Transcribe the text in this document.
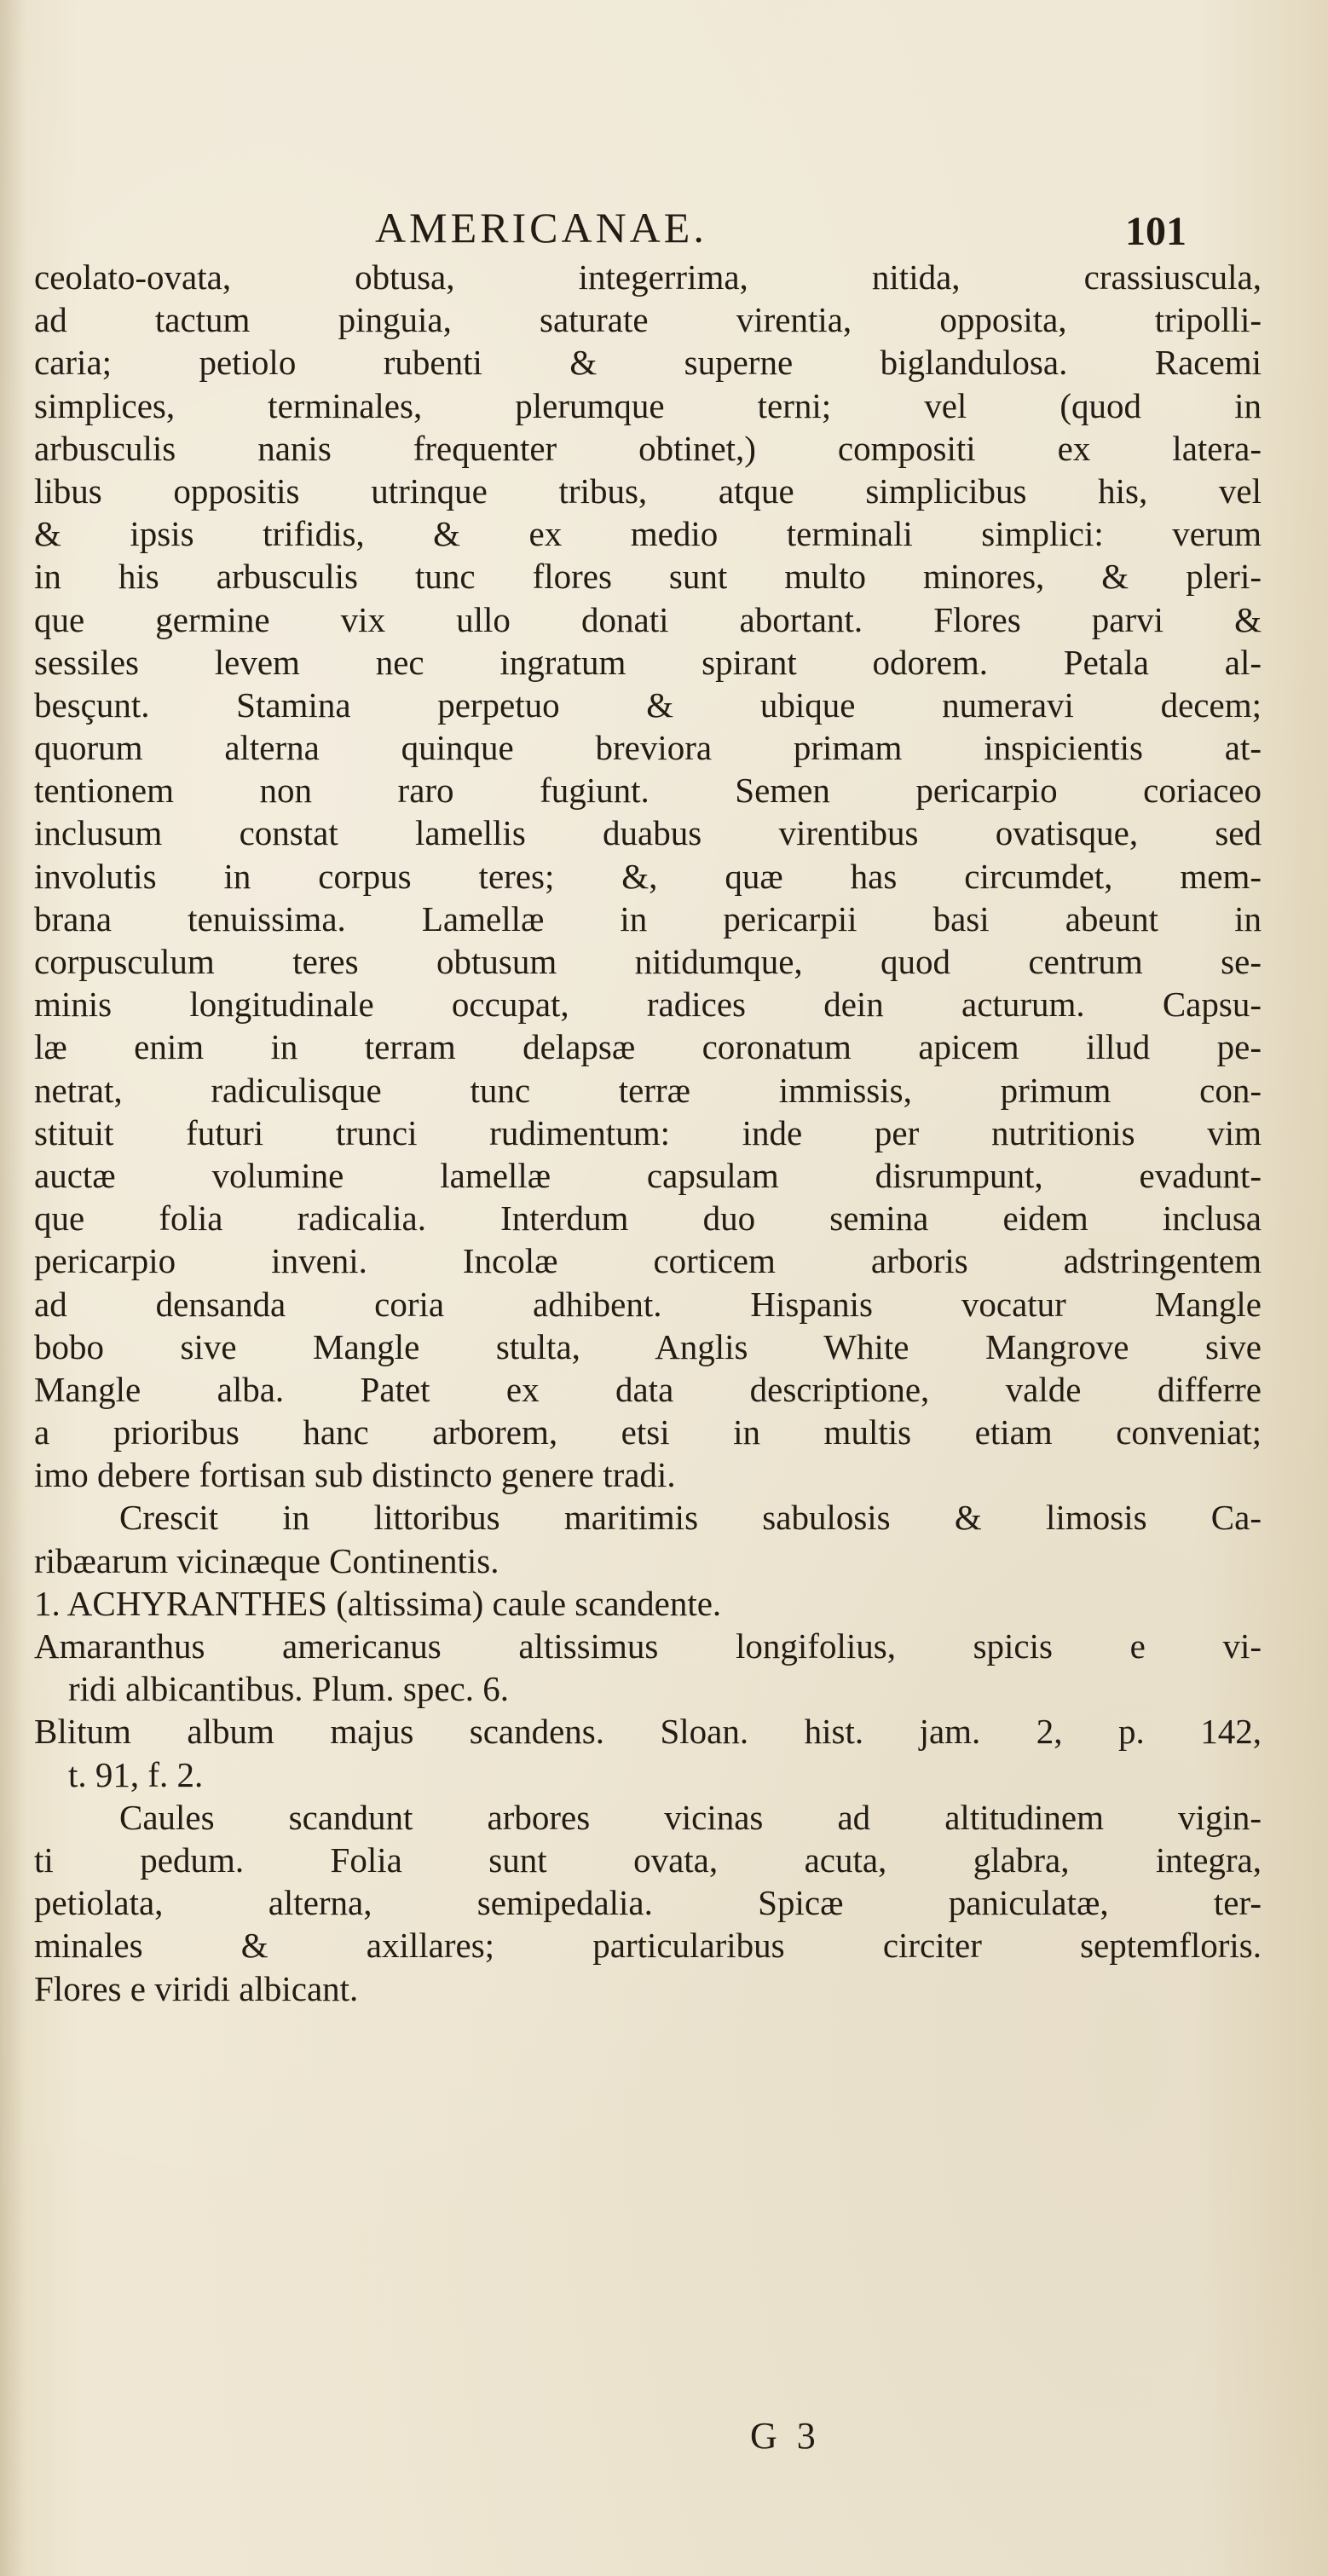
AMERICANAE.	101
ceolato-ovata, obtusa, integerrima, nitida, crassiuscula,
ad tactum pinguia, saturate virentia, opposita, tripolli-
caria; petiolo rubenti & superne biglandulosa. Racemi
simplices, terminales, plerumque terni; vel (quod in
arbusculis nanis frequenter obtinet,) compositi ex latera-
libus oppositis utrinque tribus, atque simplicibus his, vel
& ipsis trifidis, & ex medio terminali simplici: verum
in his arbusculis tunc flores sunt multo minores, & pleri-
que germine vix ullo donati abortant. Flores parvi &
sessiles levem nec ingratum spirant odorem. Petala al-
besçunt. Stamina perpetuo & ubique numeravi decem;
quorum alterna quinque breviora primam inspicientis at-
tentionem non raro fugiunt. Semen pericarpio coriaceo
inclusum constat lamellis duabus virentibus ovatisque, sed
involutis in corpus teres; &, quæ has circumdet, mem-
brana tenuissima. Lamellæ in pericarpii basi abeunt in
corpusculum teres obtusum nitidumque, quod centrum se-
minis longitudinale occupat, radices dein acturum. Capsu-
læ enim in terram delapsæ coronatum apicem illud pe-
netrat, radiculisque tunc terræ immissis, primum con-
stituit futuri trunci rudimentum: inde per nutritionis vim
auctæ volumine lamellæ capsulam disrumpunt, evadunt-
que folia radicalia. Interdum duo semina eidem inclusa
pericarpio inveni. Incolæ corticem arboris adstringentem
ad densanda coria adhibent. Hispanis vocatur Mangle
bobo sive Mangle stulta, Anglis White Mangrove sive
Mangle alba. Patet ex data descriptione, valde differre
a prioribus hanc arborem, etsi in multis etiam conveniat;
imo debere fortisan sub distincto genere tradi.
Crescit in littoribus maritimis sabulosis & limosis Ca-
ribæarum vicinæque Continentis.
1. ACHYRANTHES (altissima) caule scandente.
Amaranthus americanus altissimus longifolius, spicis e vi-
ridi albicantibus. Plum. spec. 6.
Blitum album majus scandens. Sloan. hist. jam. 2, p. 142,
t. 91, f. 2.
Caules scandunt arbores vicinas ad altitudinem vigin-
ti pedum. Folia sunt ovata, acuta, glabra, integra,
petiolata, alterna, semipedalia. Spicæ paniculatæ, ter-
minales & axillares; particularibus circiter septemfloris.
Flores e viridi albicant.
G 3
